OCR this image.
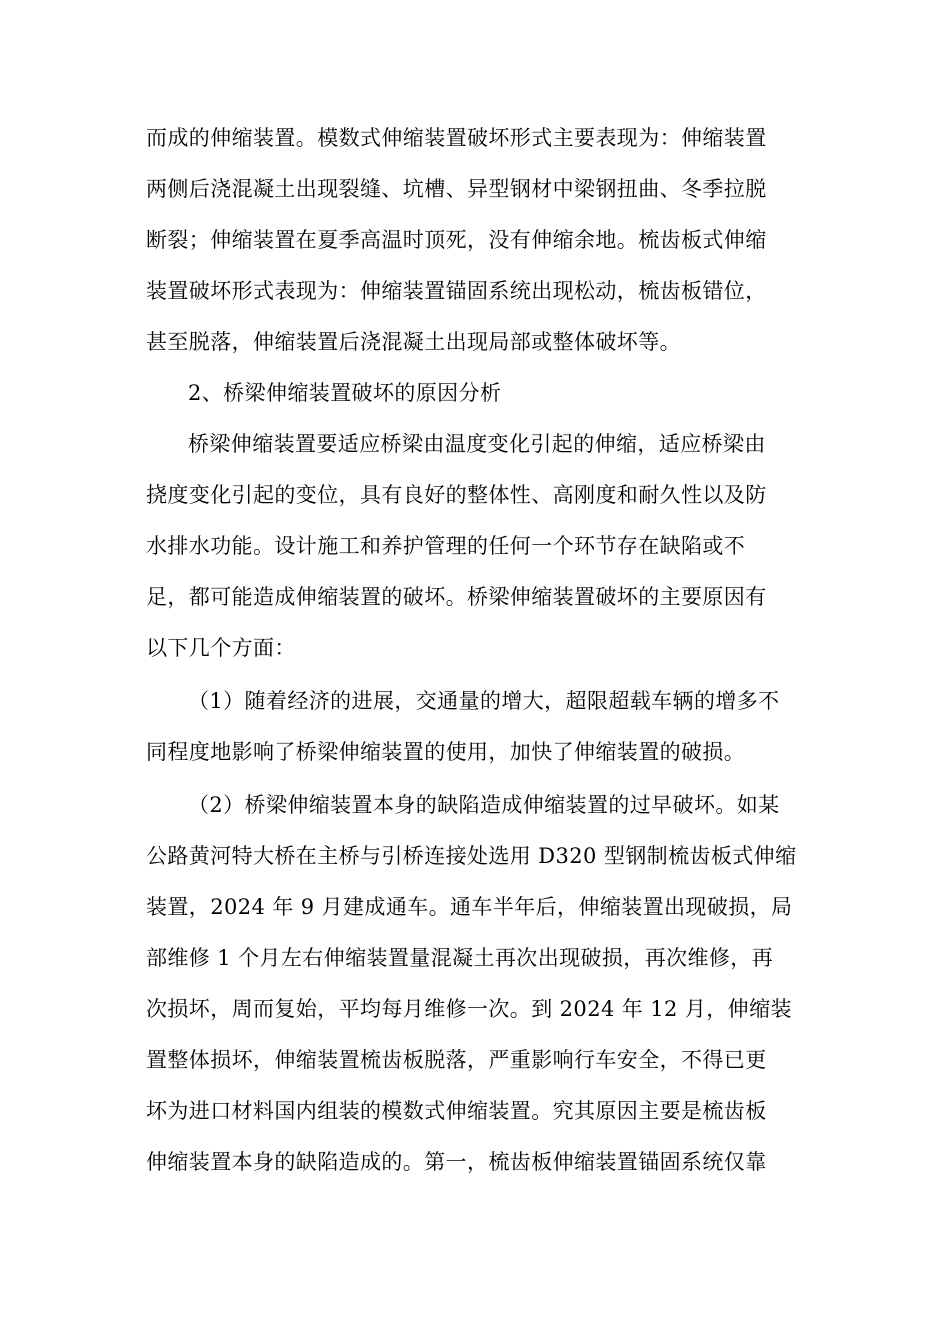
而成的伸缩装置。模数式伸缩装置破坏形式主要表现为：伸缩装置
两侧后浇混凝土出现裂缝、坑槽、异型钢材中梁钢扭曲、冬季拉脱
断裂；伸缩装置在夏季高温时顶死，没有伸缩余地。梳齿板式伸缩
装置破坏形式表现为：伸缩装置锚固系统出现松动，梳齿板错位，
甚至脱落，伸缩装置后浇混凝土出现局部或整体破坏等。
2、桥梁伸缩装置破坏的原因分析
桥梁伸缩装置要适应桥梁由温度变化引起的伸缩，适应桥梁由
挠度变化引起的变位，具有良好的整体性、高刚度和耐久性以及防
水排水功能。设计施工和养护管理的任何一个环节存在缺陷或不
足，都可能造成伸缩装置的破坏。桥梁伸缩装置破坏的主要原因有
以下几个方面：
（1）随着经济的进展，交通量的增大，超限超载车辆的增多不
同程度地影响了桥梁伸缩装置的使用，加快了伸缩装置的破损。
（2）桥梁伸缩装置本身的缺陷造成伸缩装置的过早破坏。如某
公路黄河特大桥在主桥与引桥连接处选用 D320 型钢制梳齿板式伸缩
装置，2024 年 9 月建成通车。通车半年后，伸缩装置出现破损，局
部维修 1 个月左右伸缩装置量混凝土再次出现破损，再次维修，再
次损坏，周而复始，平均每月维修一次。到 2024 年 12 月，伸缩装
置整体损坏，伸缩装置梳齿板脱落，严重影响行车安全，不得已更
坏为进口材料国内组装的模数式伸缩装置。究其原因主要是梳齿板
伸缩装置本身的缺陷造成的。第一，梳齿板伸缩装置锚固系统仅靠
